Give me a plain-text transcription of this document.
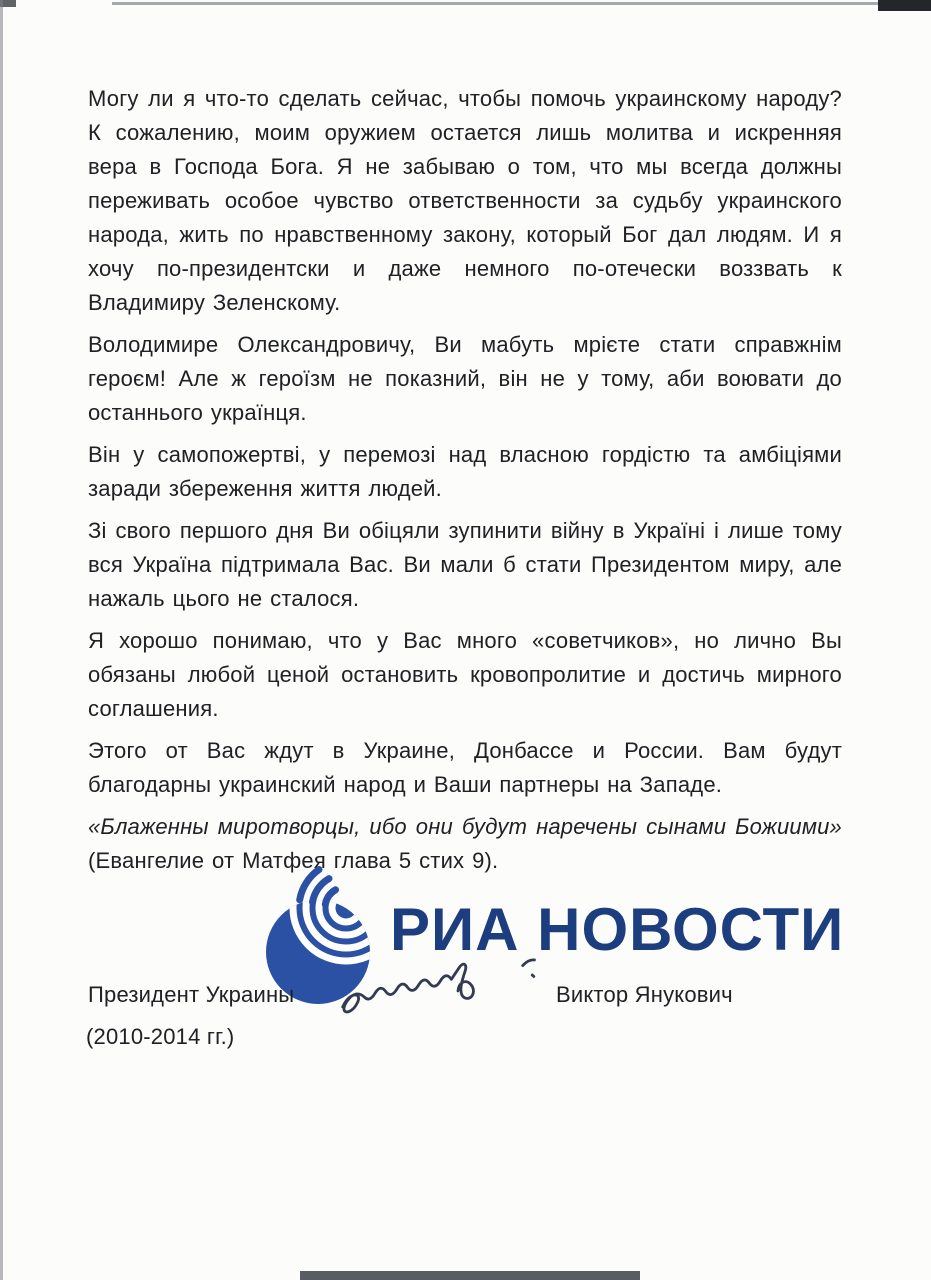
Могу ли я что-то сделать сейчас, чтобы помочь украинскому народу? К сожалению, моим оружием остается лишь молитва и искренняя вера в Господа Бога. Я не забываю о том, что мы всегда должны переживать особое чувство ответственности за судьбу украинского народа, жить по нравственному закону, который Бог дал людям. И я хочу по-президентски и даже немного по-отечески воззвать к Владимиру Зеленскому.

Володимире Олександровичу, Ви мабуть мрієте стати справжнім героєм! Але ж героїзм не показний, він не у тому, аби воювати до останнього українця.

Він у самопожертві, у перемозі над власною гордістю та амбіціями заради збереження життя людей.

Зі свого першого дня Ви обіцяли зупинити війну в Україні і лише тому вся Україна підтримала Вас. Ви мали б стати Президентом миру, але нажаль цього не сталося.

Я хорошо понимаю, что у Вас много «советчиков», но лично Вы обязаны любой ценой остановить кровопролитие и достичь мирного соглашения.

Этого от Вас ждут в Украине, Донбассе и России. Вам будут благодарны украинский народ и Ваши партнеры на Западе.

«Блаженны миротворцы, ибо они будут наречены сынами Божиими» (Евангелие от Матфея глава 5 стих 9).

РИА НОВОСТИ
Президент Украины	Виктор Янукович
(2010-2014 гг.)
